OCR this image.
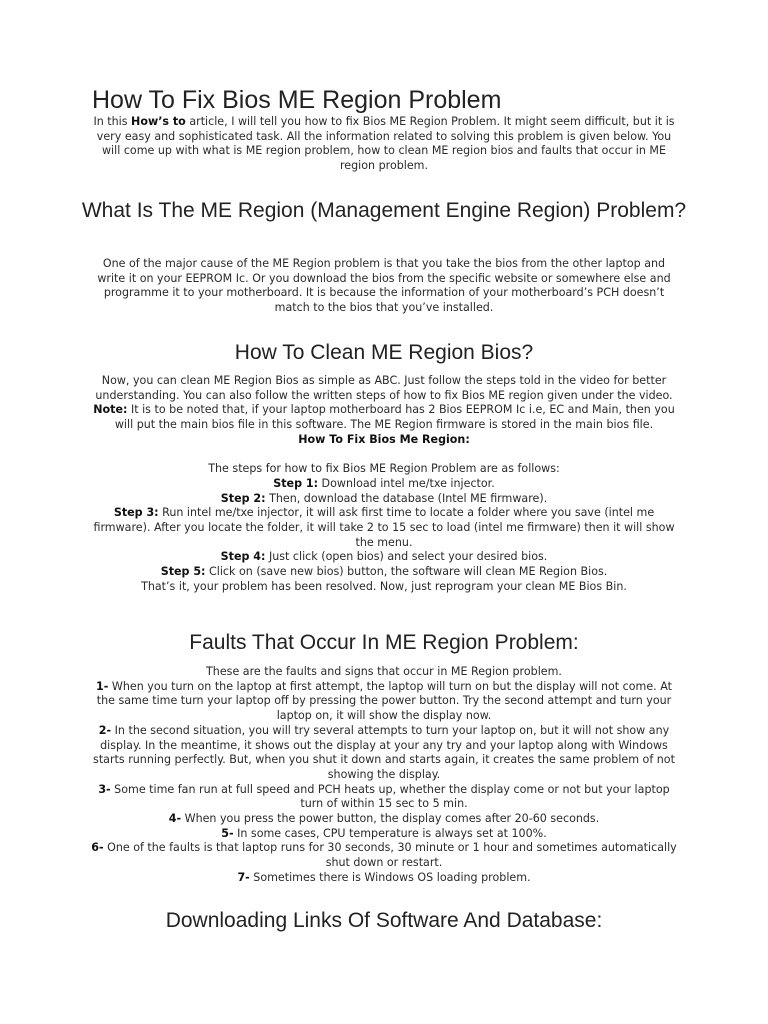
How To Fix Bios ME Region Problem

In this How’s to article, I will tell you how to fix Bios ME Region Problem. It might seem difficult, but it is very easy and sophisticated task. All the information related to solving this problem is given below. You will come up with what is ME region problem, how to clean ME region bios and faults that occur in ME region problem.

What Is The ME Region (Management Engine Region) Problem?

One of the major cause of the ME Region problem is that you take the bios from the other laptop and write it on your EEPROM Ic. Or you download the bios from the specific website or somewhere else and programme it to your motherboard. It is because the information of your motherboard’s PCH doesn’t match to the bios that you’ve installed.

How To Clean ME Region Bios?

Now, you can clean ME Region Bios as simple as ABC. Just follow the steps told in the video for better understanding. You can also follow the written steps of how to fix Bios ME region given under the video.
Note: It is to be noted that, if your laptop motherboard has 2 Bios EEPROM Ic i.e, EC and Main, then you will put the main bios file in this software. The ME Region firmware is stored in the main bios file.
How To Fix Bios Me Region:

The steps for how to fix Bios ME Region Problem are as follows:
Step 1: Download intel me/txe injector.
Step 2: Then, download the database (Intel ME firmware).
Step 3: Run intel me/txe injector, it will ask first time to locate a folder where you save (intel me firmware). After you locate the folder, it will take 2 to 15 sec to load (intel me firmware) then it will show the menu.
Step 4: Just click (open bios) and select your desired bios.
Step 5: Click on (save new bios) button, the software will clean ME Region Bios.
That’s it, your problem has been resolved. Now, just reprogram your clean ME Bios Bin.

Faults That Occur In ME Region Problem:

These are the faults and signs that occur in ME Region problem.
1- When you turn on the laptop at first attempt, the laptop will turn on but the display will not come. At the same time turn your laptop off by pressing the power button. Try the second attempt and turn your laptop on, it will show the display now.
2- In the second situation, you will try several attempts to turn your laptop on, but it will not show any display. In the meantime, it shows out the display at your any try and your laptop along with Windows starts running perfectly. But, when you shut it down and starts again, it creates the same problem of not showing the display.
3- Some time fan run at full speed and PCH heats up, whether the display come or not but your laptop turn of within 15 sec to 5 min.
4- When you press the power button, the display comes after 20-60 seconds.
5- In some cases, CPU temperature is always set at 100%.
6- One of the faults is that laptop runs for 30 seconds, 30 minute or 1 hour and sometimes automatically shut down or restart.
7- Sometimes there is Windows OS loading problem.

Downloading Links Of Software And Database:
